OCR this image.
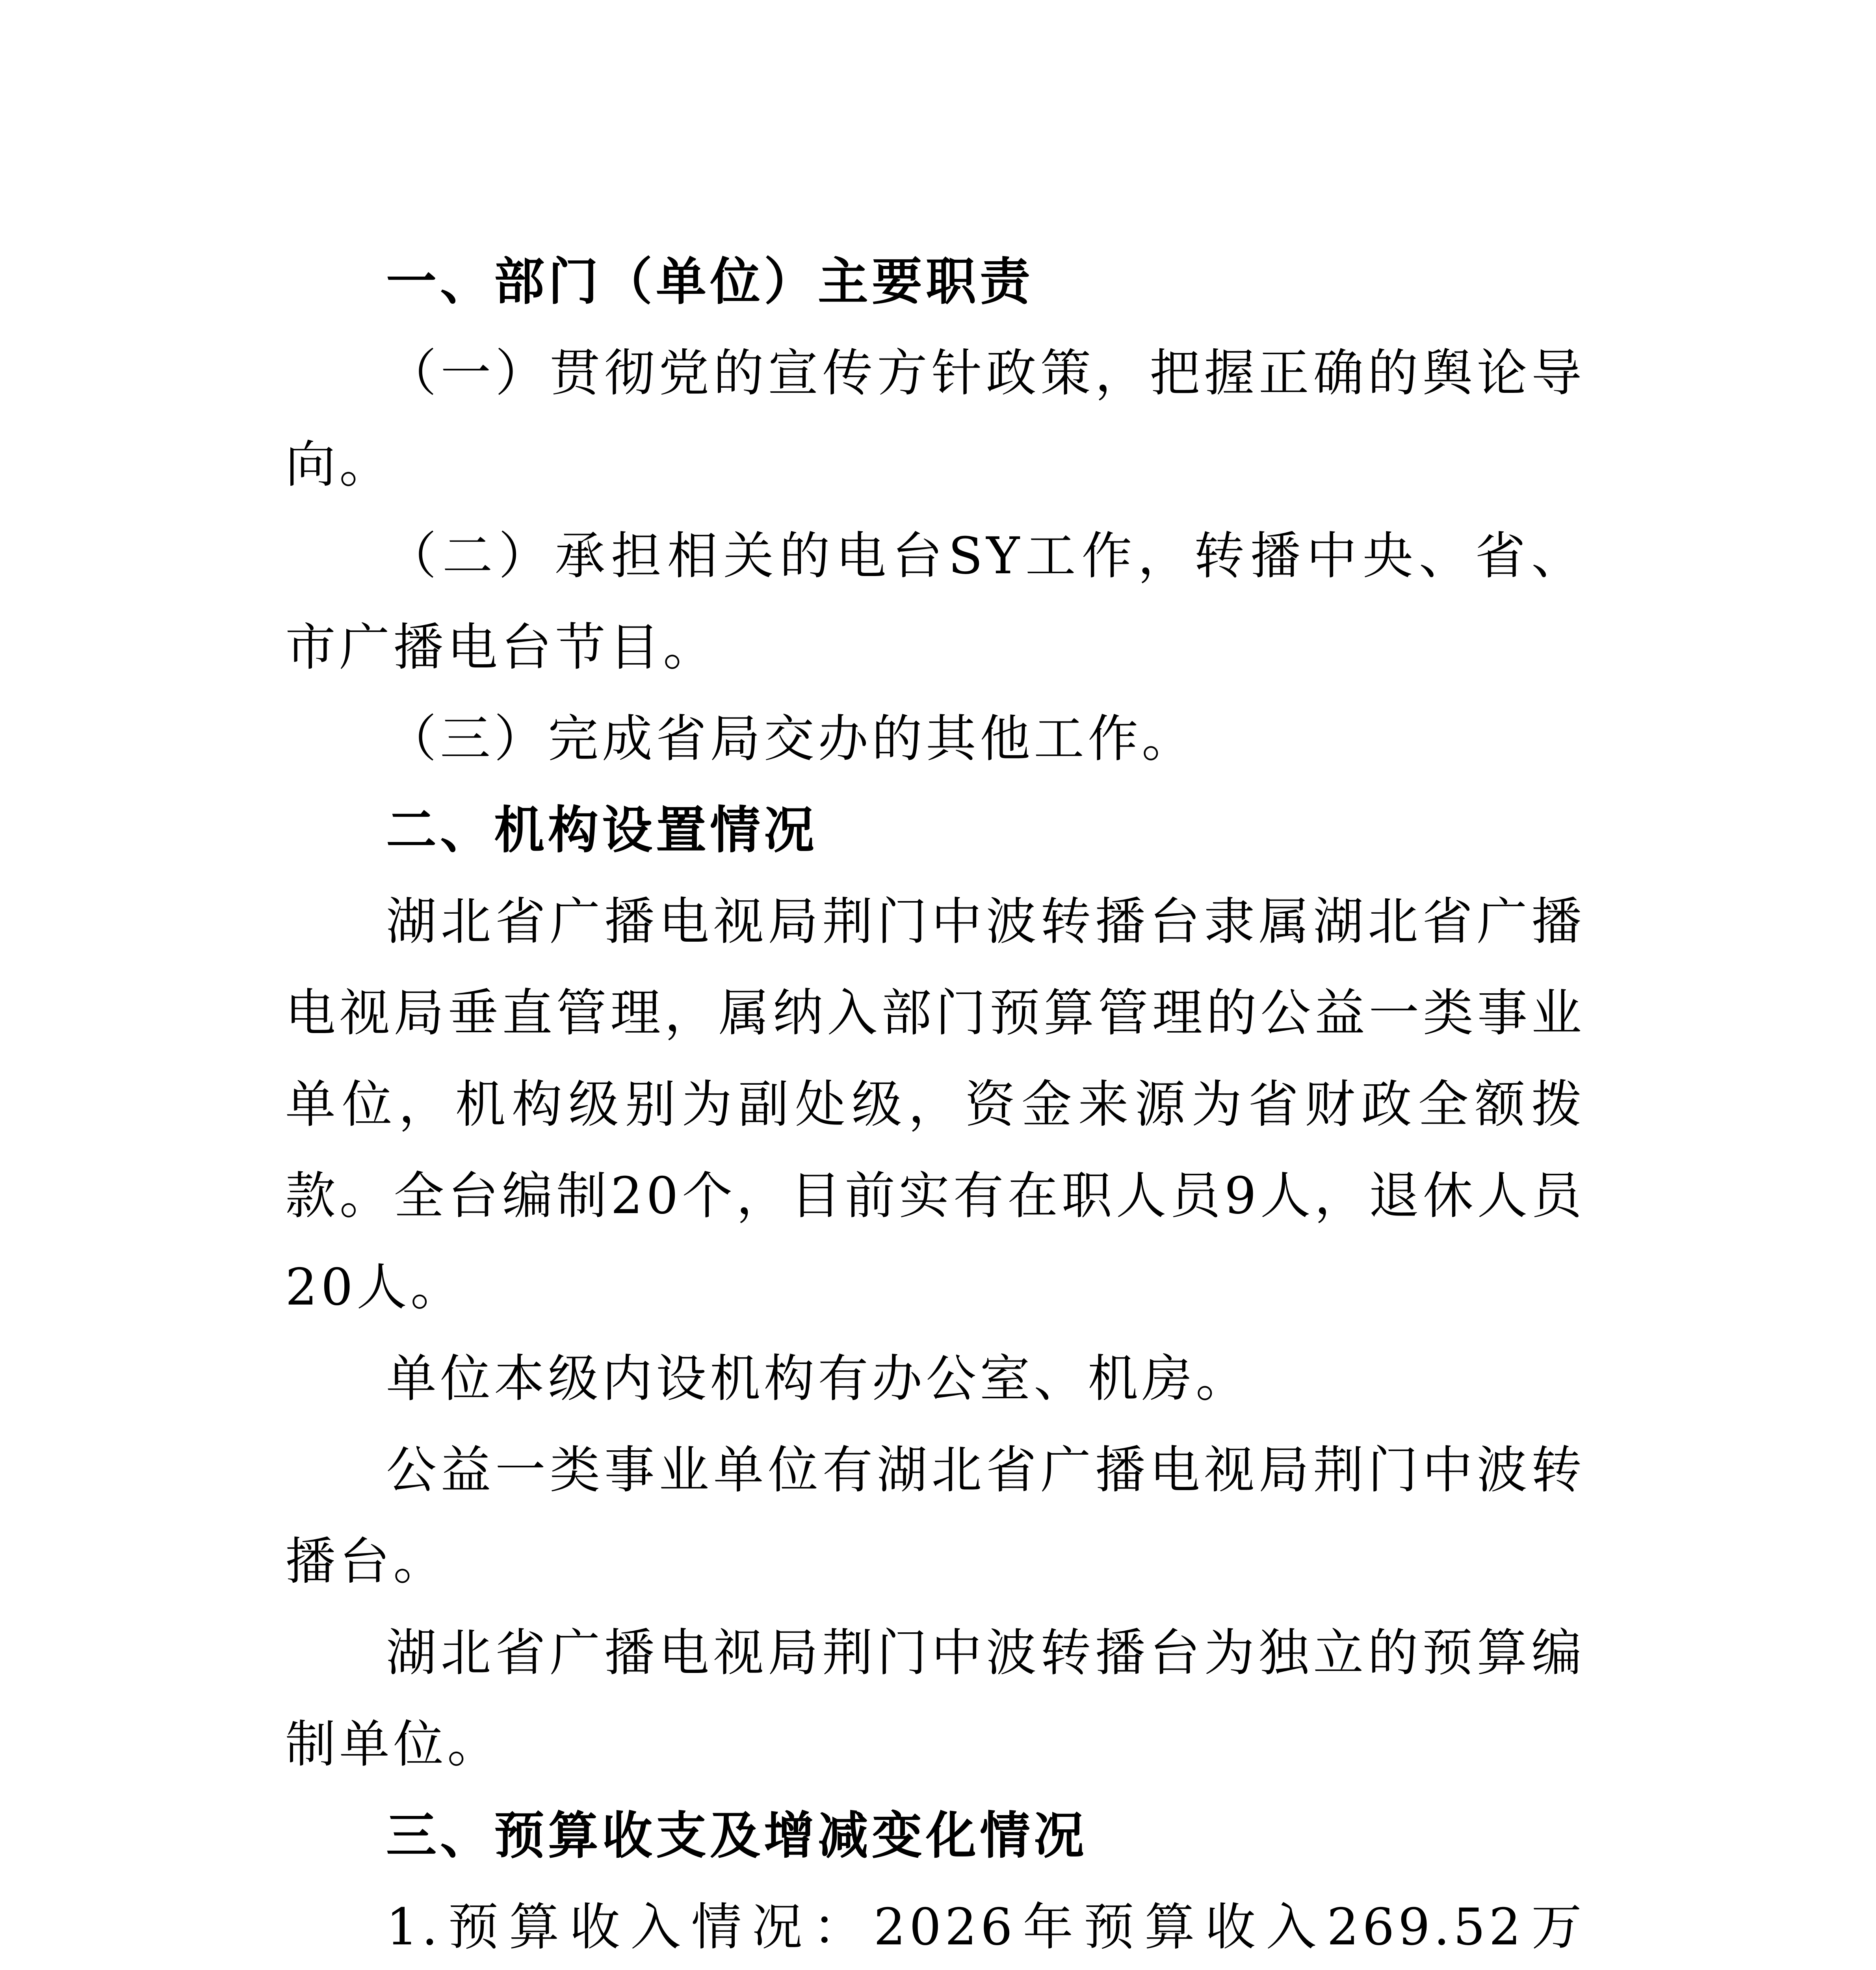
一、部门（单位）主要职责

（一）贯彻党的宣传方针政策，把握正确的舆论导向。

（二）承担相关的电台SY工作，转播中央、省、市广播电台节目。

（三）完成省局交办的其他工作。

二、机构设置情况

湖北省广播电视局荆门中波转播台隶属湖北省广播电视局垂直管理，属纳入部门预算管理的公益一类事业单位，机构级别为副处级，资金来源为省财政全额拨款。全台编制20个，目前实有在职人员9人，退休人员20人。

单位本级内设机构有办公室、机房。

公益一类事业单位有湖北省广播电视局荆门中波转播台。

湖北省广播电视局荆门中波转播台为独立的预算编制单位。

三、预算收支及增减变化情况

1.预算收入情况：2026年预算收入269.52万
